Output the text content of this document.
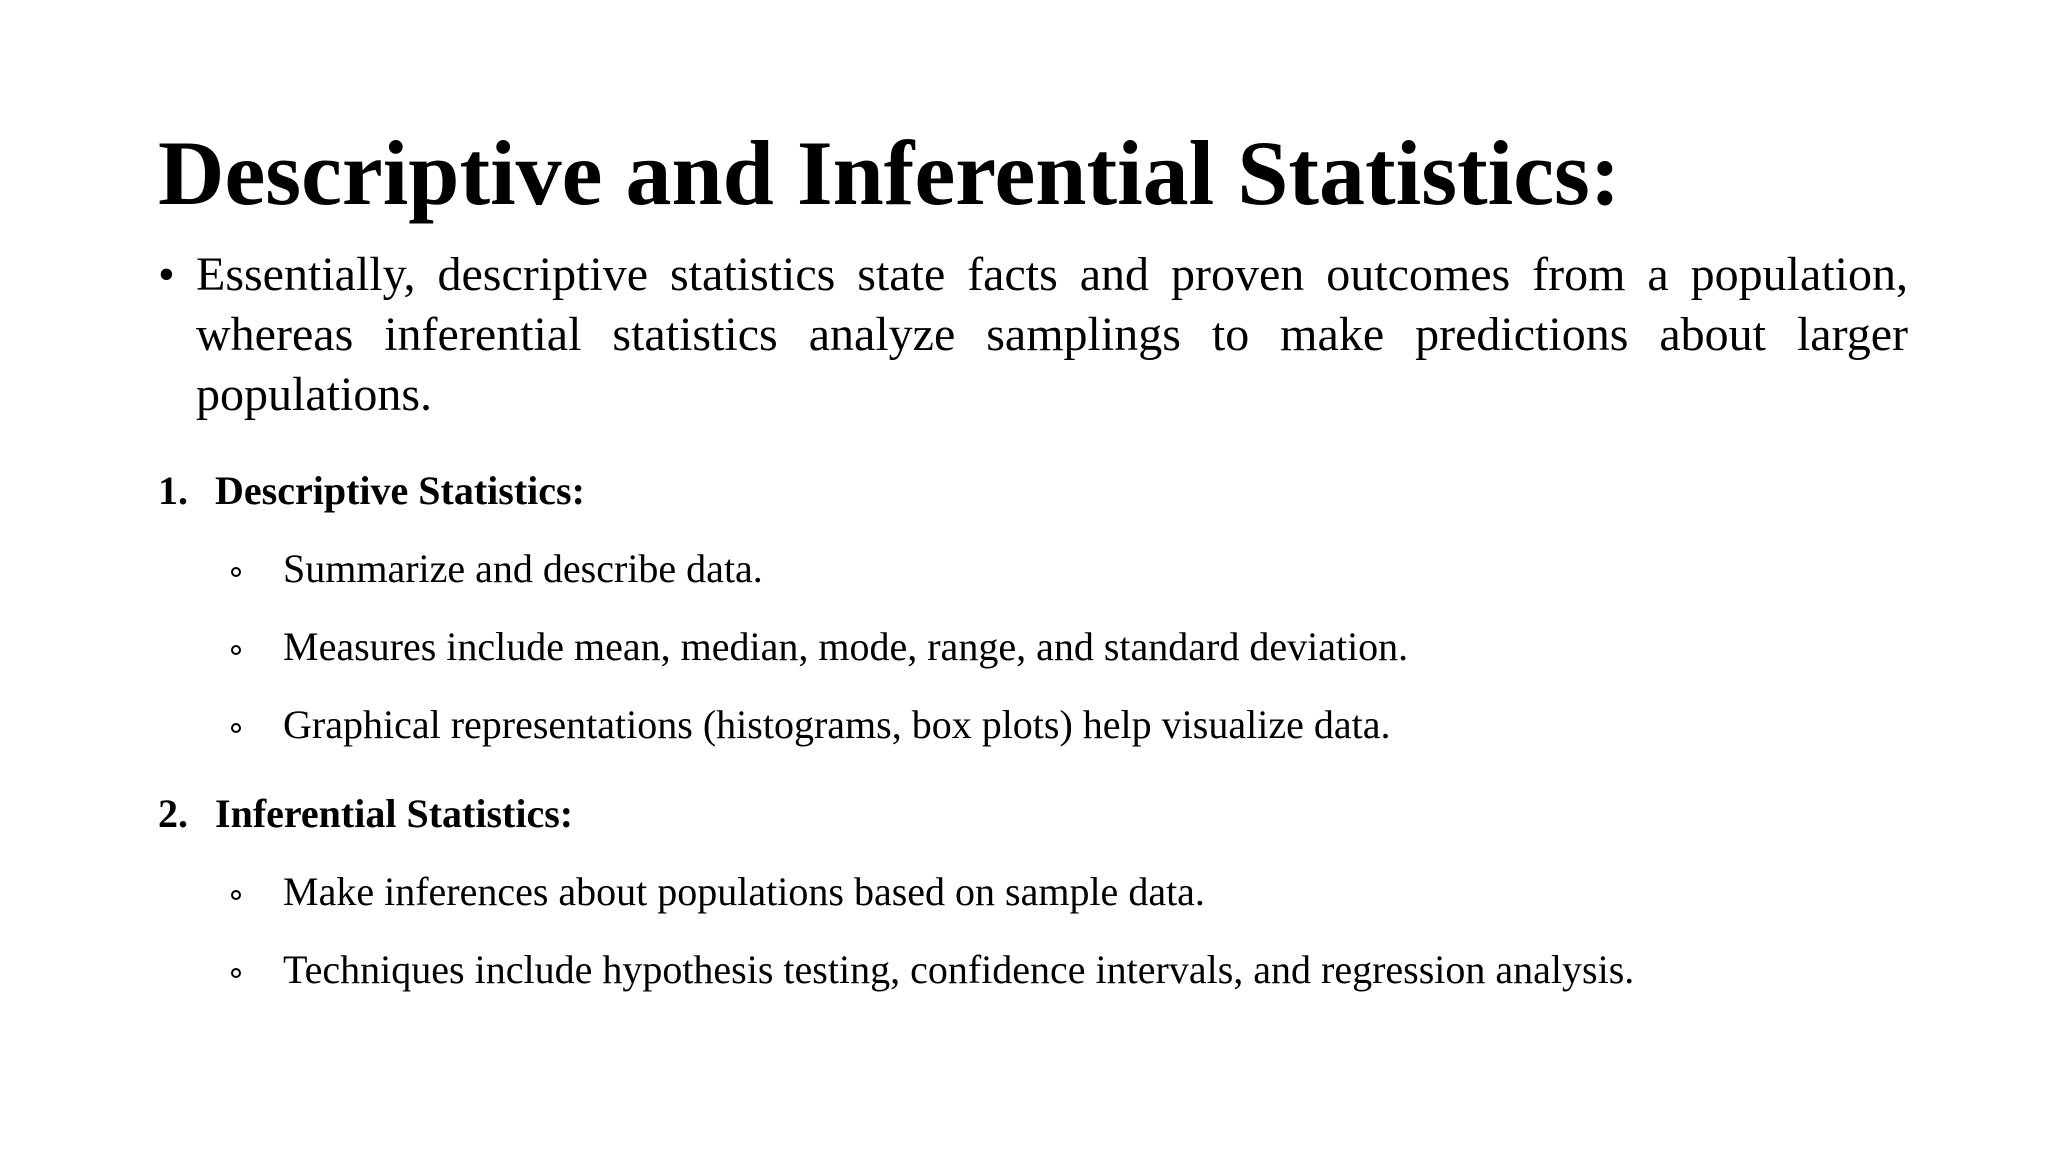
Descriptive and Inferential Statistics:
• Essentially, descriptive statistics state facts and proven outcomes from a population, whereas inferential statistics analyze samplings to make predictions about larger populations.

1. Descriptive Statistics:
Summarize and describe data.
Measures include mean, median, mode, range, and standard deviation.
Graphical representations (histograms, box plots) help visualize data.
2. Inferential Statistics:
Make inferences about populations based on sample data.
Techniques include hypothesis testing, confidence intervals, and regression analysis.
